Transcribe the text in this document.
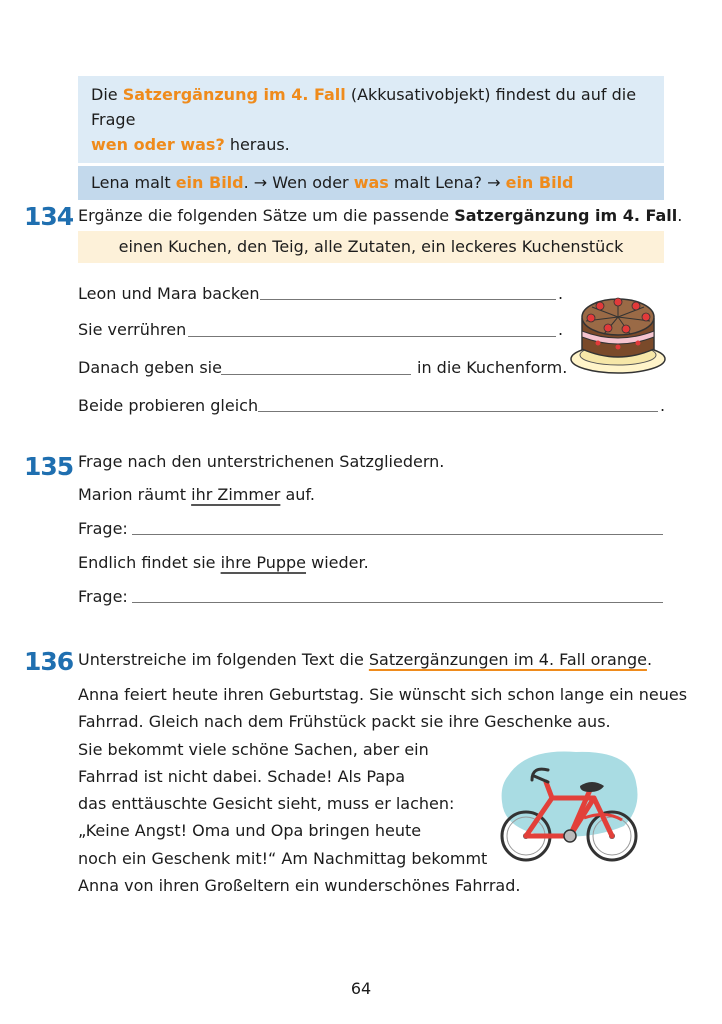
Die Satzergänzung im 4. Fall (Akkusativobjekt) findest du auf die Frage
wen oder was? heraus.
Lena malt ein Bild. → Wen oder was malt Lena? → ein Bild
134 Ergänze die folgenden Sätze um die passende Satzergänzung im 4. Fall.
einen Kuchen, den Teig, alle Zutaten, ein leckeres Kuchenstück
Leon und Mara backen	.
Sie verrühren	.
Danach geben sie	in die Kuchenform.
Beide probieren gleich	.
135 Frage nach den unterstrichenen Satzgliedern.
Marion räumt ihr Zimmer auf.
Frage:
Endlich findet sie ihre Puppe wieder.
Frage:
136 Unterstreiche im folgenden Text die Satzergänzungen im 4. Fall orange.
Anna feiert heute ihren Geburtstag. Sie wünscht sich schon lange ein neues
Fahrrad. Gleich nach dem Frühstück packt sie ihre Geschenke aus.
Sie bekommt viele schöne Sachen, aber ein
Fahrrad ist nicht dabei. Schade! Als Papa
das enttäuschte Gesicht sieht, muss er lachen:
„Keine Angst! Oma und Opa bringen heute
noch ein Geschenk mit!“ Am Nachmittag bekommt
Anna von ihren Großeltern ein wunderschönes Fahrrad.
64
